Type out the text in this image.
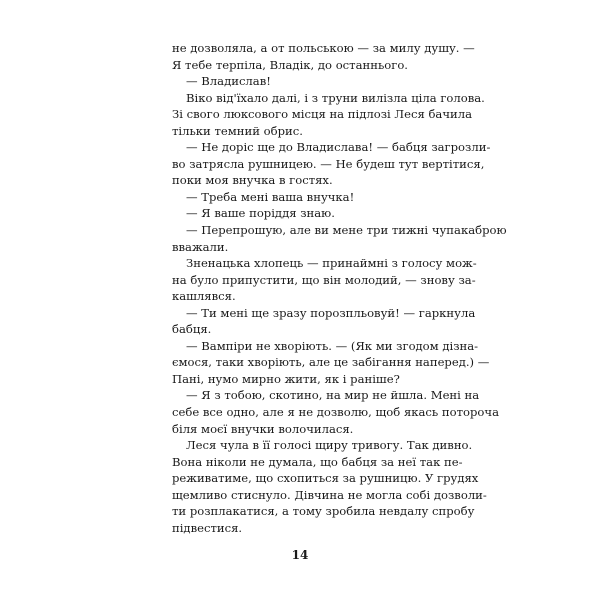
не дозволяла, а от польською — за милу душу. —
Я тебе терпіла, Владік, до останнього.
— Владислав!
Віко від'їхало далі, і з труни вилізла ціла голова.
Зі свого люксового місця на підлозі Леся бачила
тільки темний обрис.
— Не доріс ще до Владислава! — бабця загрозли-
во затрясла рушницею. — Не будеш тут вертітися,
поки моя внучка в гостях.
— Треба мені ваша внучка!
— Я ваше поріддя знаю.
— Перепрошую, але ви мене три тижні чупакаброю
вважали.
Зненацька хлопець — принаймні з голосу мож-
на було припустити, що він молодий, — знову за-
кашлявся.
— Ти мені ще зразу порозпльовуй! — гаркнула
бабця.
— Вампіри не хворіють. — (Як ми згодом дізна-
ємося, таки хворіють, але це забігання наперед.) —
Пані, нумо мирно жити, як і раніше?
— Я з тобою, скотино, на мир не йшла. Мені на
себе все одно, але я не дозволю, щоб якась поторочa
біля моєї внучки волочилася.
Леся чула в її голосі щиру тривогу. Так дивно.
Вона ніколи не думала, що бабця за неї так пе-
реживатиме, що схопиться за рушницю. У грудях
щемливо стиснуло. Дівчина не могла собі дозволи-
ти розплакатися, а тому зробила невдалу спробу
підвестися.
14
